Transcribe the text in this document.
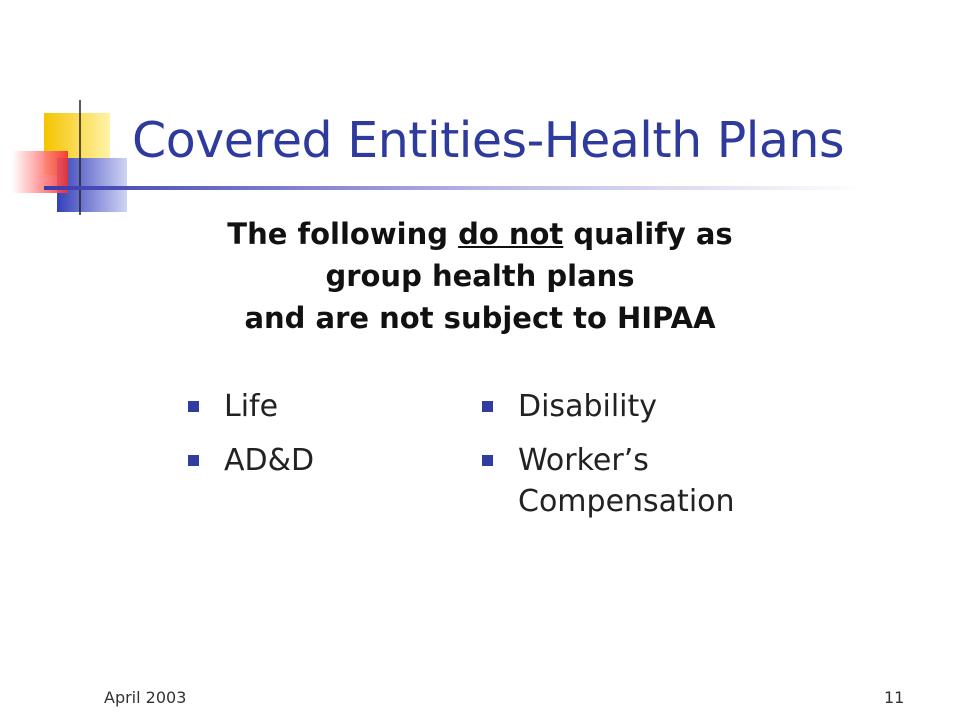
Covered Entities-Health Plans
The following do not qualify as
group health plans
and are not subject to HIPAA
Life
AD&D
Disability
Worker’s Compensation
April 2003	11
